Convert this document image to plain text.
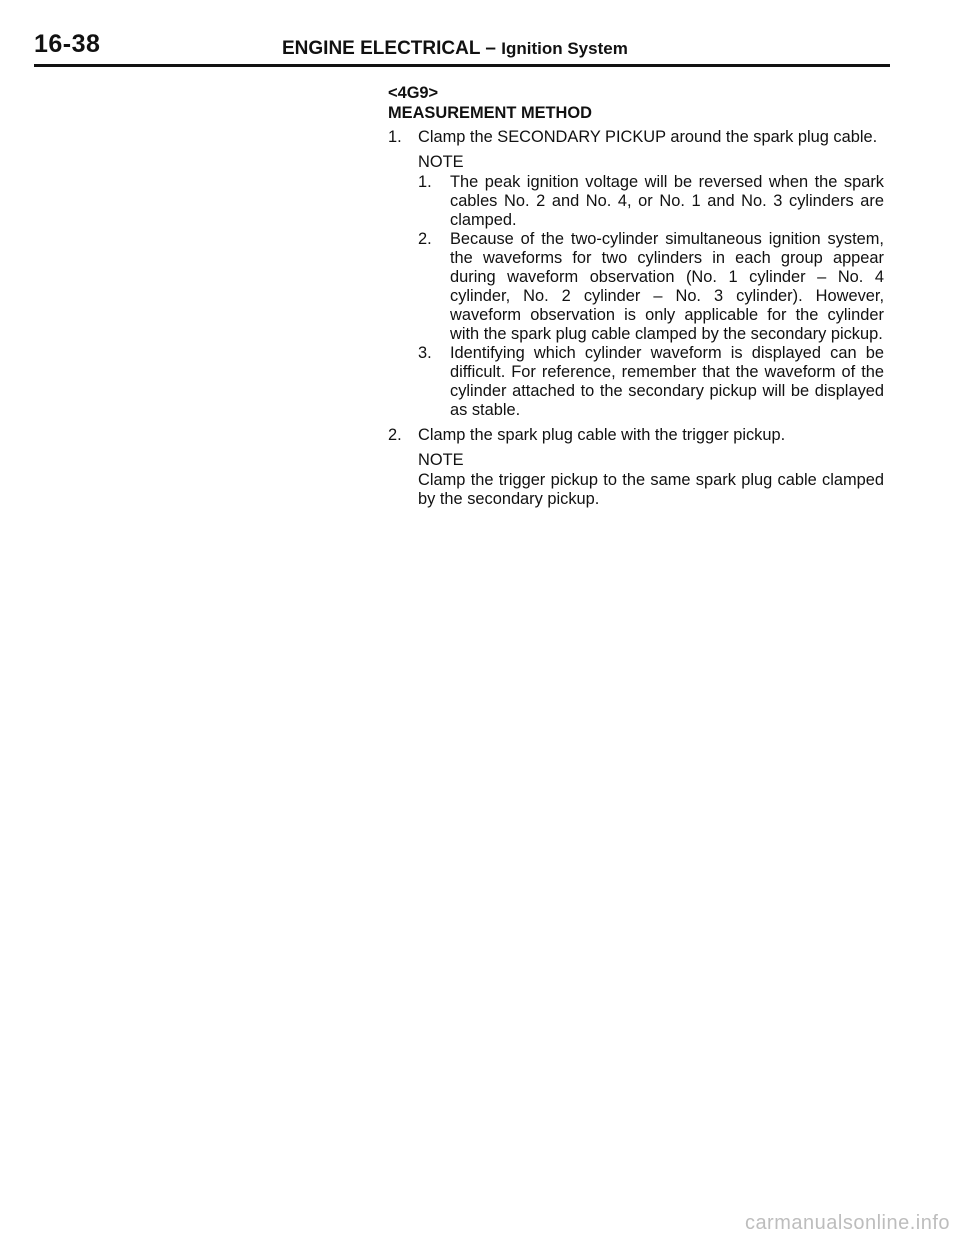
16-38	ENGINE ELECTRICAL – Ignition System
<4G9>
MEASUREMENT METHOD
1. Clamp the SECONDARY PICKUP around the spark plug cable.
NOTE
1.	The peak ignition voltage will be reversed when the spark cables No. 2 and No. 4, or No. 1 and No. 3 cylinders are clamped.
2.	Because of the two-cylinder simultaneous ignition system, the waveforms for two cylinders in each group appear during waveform observation (No. 1 cylinder – No. 4 cylinder, No. 2 cylinder – No. 3 cylinder). However, waveform observation is only applicable for the cylinder with the spark plug cable clamped by the secondary pickup.
3.	Identifying which cylinder waveform is displayed can be difficult. For reference, remember that the waveform of the cylinder attached to the secondary pickup will be displayed as stable.
2. Clamp the spark plug cable with the trigger pickup.
NOTE
Clamp the trigger pickup to the same spark plug cable clamped by the secondary pickup.
carmanualsonline.info
